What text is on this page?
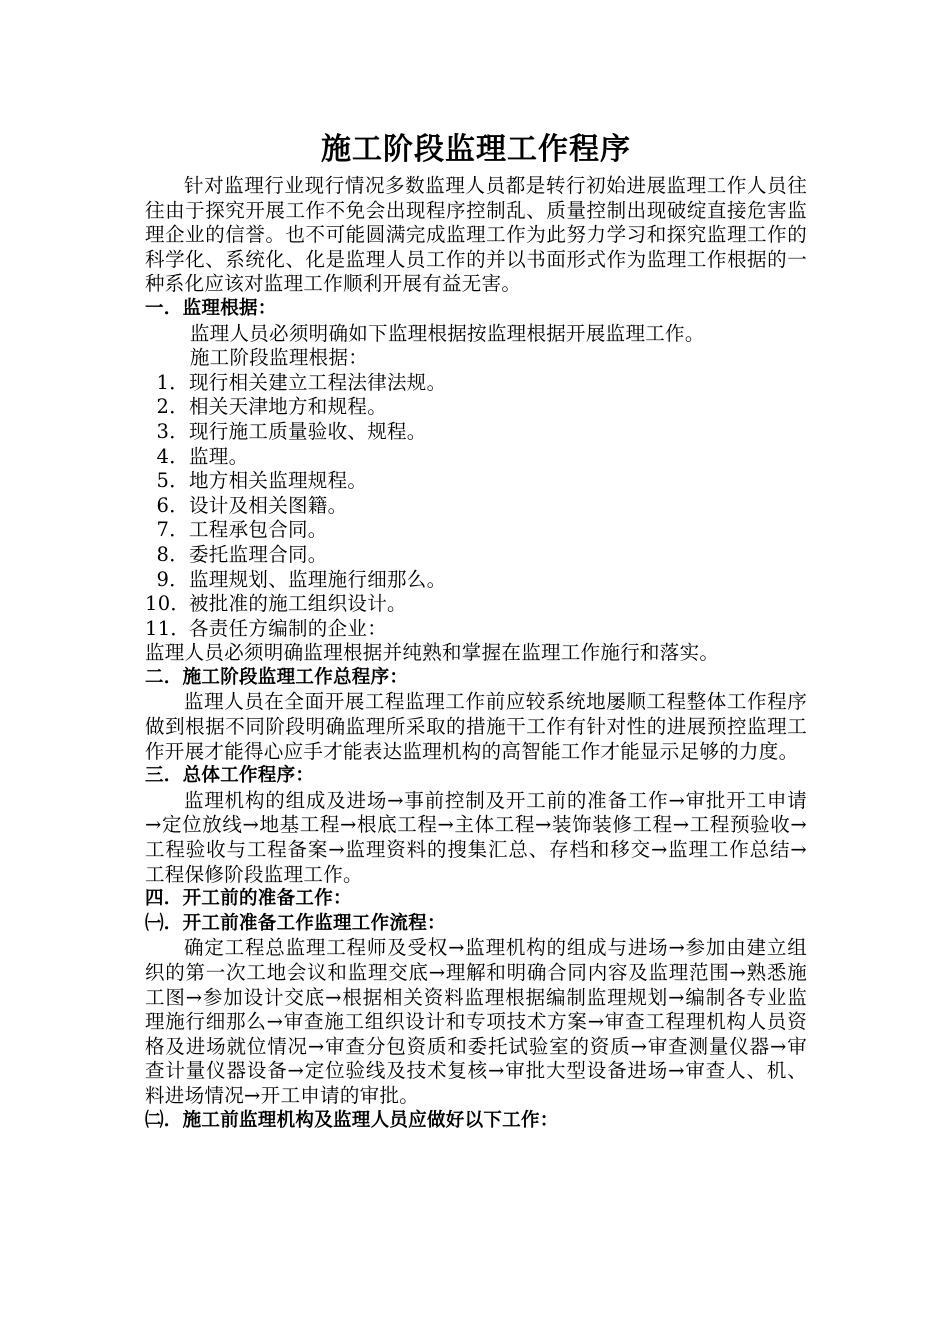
施工阶段监理工作程序

针对监理行业现行情况多数监理人员都是转行初始进展监理工作人员往往由于探究开展工作不免会出现程序控制乱、质量控制出现破绽直接危害监理企业的信誉。也不可能圆满完成监理工作为此努力学习和探究监理工作的科学化、系统化、化是监理人员工作的并以书面形式作为监理工作根据的一种系化应该对监理工作顺利开展有益无害。

一．监理根据：

监理人员必须明确如下监理根据按监理根据开展监理工作。

施工阶段监理根据：

1． 现行相关建立工程法律法规。
2． 相关天津地方和规程。
3． 现行施工质量验收、规程。
4． 监理。
5． 地方相关监理规程。
6． 设计及相关图籍。
7． 工程承包合同。
8． 委托监理合同。
9． 监理规划、监理施行细那么。
10．
被批准的施工组织设计。
11．
各责任方编制的企业：

监理人员必须明确监理根据并纯熟和掌握在监理工作施行和落实。

二．施工阶段监理工作总程序：

监理人员在全面开展工程监理工作前应较系统地屡顺工程整体工作程序做到根据不同阶段明确监理所采取的措施干工作有针对性的进展预控监理工作开展才能得心应手才能表达监理机构的高智能工作才能显示足够的力度。

三．总体工作程序：

监理机构的组成及进场→事前控制及开工前的准备工作→审批开工申请→定位放线→地基工程→根底工程→主体工程→装饰装修工程→工程预验收→工程验收与工程备案→监理资料的搜集汇总、存档和移交→监理工作总结→工程保修阶段监理工作。

四．开工前的准备工作：

㈠．开工前准备工作监理工作流程：

确定工程总监理工程师及受权→监理机构的组成与进场→参加由建立组织的第一次工地会议和监理交底→理解和明确合同内容及监理范围→熟悉施工图→参加设计交底→根据相关资料监理根据编制监理规划→编制各专业监理施行细那么→审查施工组织设计和专项技术方案→审查工程理机构人员资格及进场就位情况→审查分包资质和委托试验室的资质→审查测量仪器→审查计量仪器设备→定位验线及技术复核→审批大型设备进场→审查人、机、料进场情况→开工申请的审批。

㈡．施工前监理机构及监理人员应做好以下工作：
